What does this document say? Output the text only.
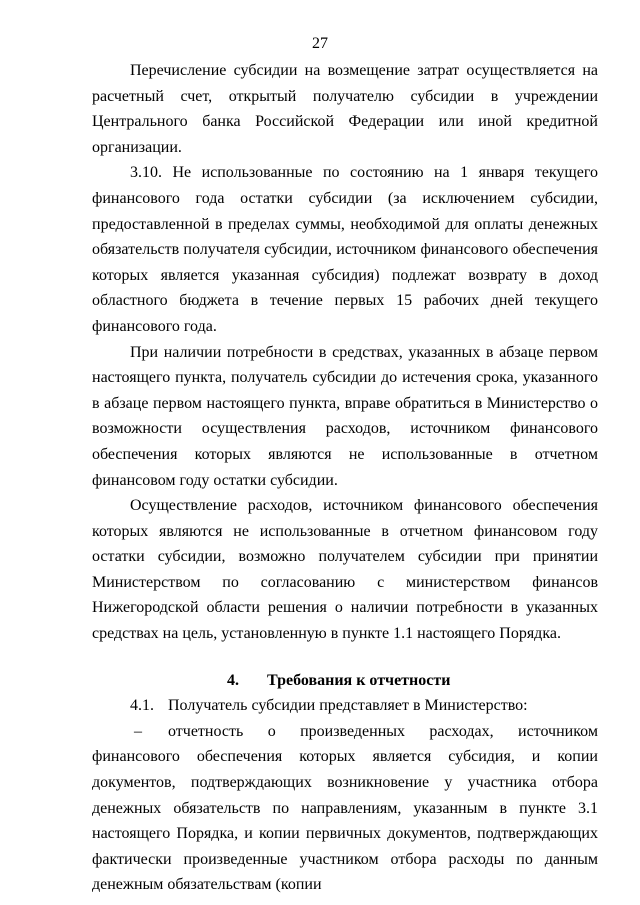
27

Перечисление субсидии на возмещение затрат осуществляется на расчетный счет, открытый получателю субсидии в учреждении Центрального банка Российской Федерации или иной кредитной организации.

3.10. Не использованные по состоянию на 1 января текущего финансового года остатки субсидии (за исключением субсидии, предоставленной в пределах суммы, необходимой для оплаты денежных обязательств получателя субсидии, источником финансового обеспечения которых является указанная субсидия) подлежат возврату в доход областного бюджета в течение первых 15 рабочих дней текущего финансового года.

При наличии потребности в средствах, указанных в абзаце первом настоящего пункта, получатель субсидии до истечения срока, указанного в абзаце первом настоящего пункта, вправе обратиться в Министерство о возможности осуществления расходов, источником финансового обеспечения которых являются не использованные в отчетном финансовом году остатки субсидии.

Осуществление расходов, источником финансового обеспечения которых являются не использованные в отчетном финансовом году остатки субсидии, возможно получателем субсидии при принятии Министерством по согласованию с министерством финансов Нижегородской области решения о наличии потребности в указанных средствах на цель, установленную в пункте 1.1 настоящего Порядка.

4. Требования к отчетности

4.1. Получатель субсидии представляет в Министерство:

– отчетность о произведенных расходах, источником финансового обеспечения которых является субсидия, и копии документов, подтверждающих возникновение у участника отбора денежных обязательств по направлениям, указанным в пункте 3.1 настоящего Порядка, и копии первичных документов, подтверждающих фактически произведенные участником отбора расходы по данным денежным обязательствам (копии
